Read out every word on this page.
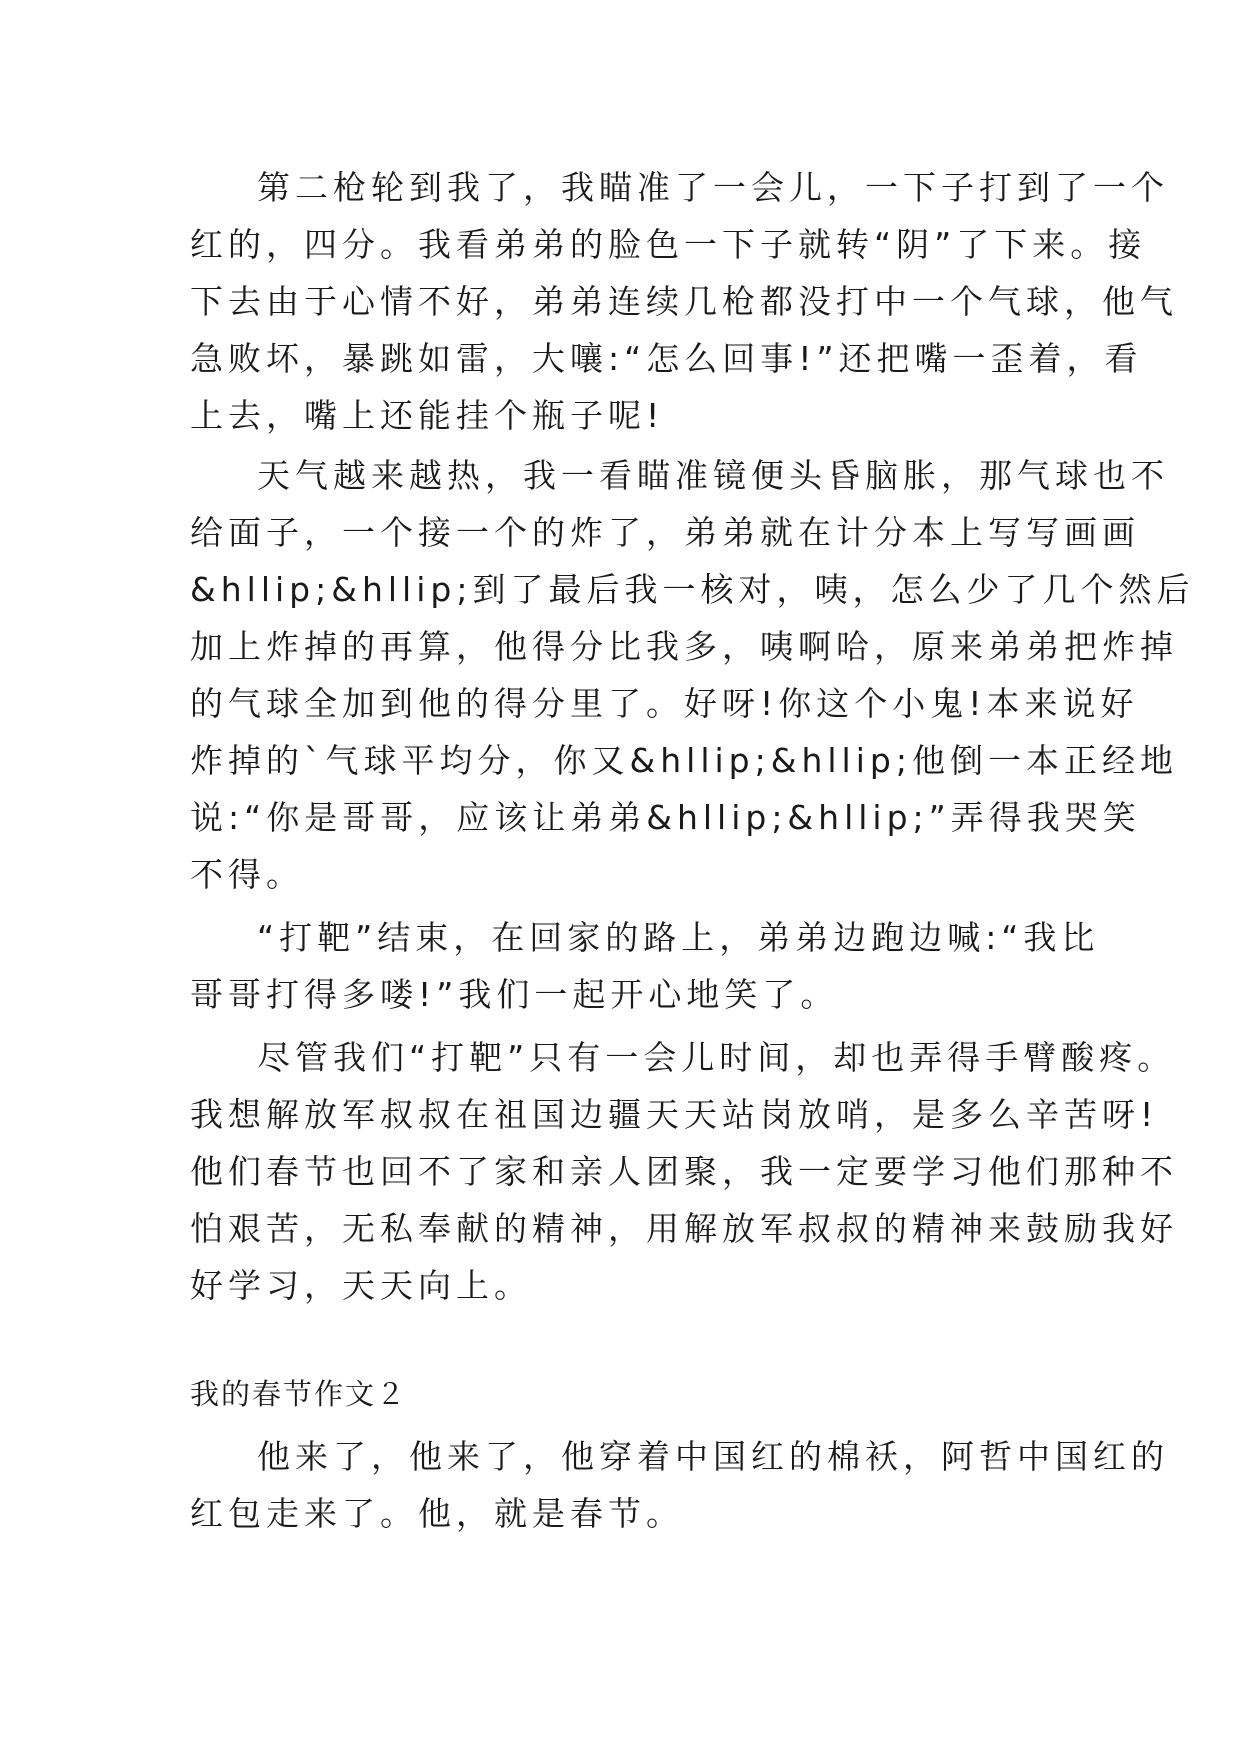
第二枪轮到我了，我瞄准了一会儿，一下子打到了一个
红的，四分。我看弟弟的脸色一下子就转“阴”了下来。接
下去由于心情不好，弟弟连续几枪都没打中一个气球，他气
急败坏，暴跳如雷，大嚷:“怎么回事!”还把嘴一歪着，看
上去，嘴上还能挂个瓶子呢!
天气越来越热，我一看瞄准镜便头昏脑胀，那气球也不
给面子，一个接一个的炸了，弟弟就在计分本上写写画画
&hllip;&hllip;到了最后我一核对，咦，怎么少了几个然后
加上炸掉的再算，他得分比我多，咦啊哈，原来弟弟把炸掉
的气球全加到他的得分里了。好呀!你这个小鬼!本来说好
炸掉的`气球平均分，你又&hllip;&hllip;他倒一本正经地
说:“你是哥哥，应该让弟弟&hllip;&hllip;”弄得我哭笑
不得。
“打靶”结束，在回家的路上，弟弟边跑边喊:“我比
哥哥打得多喽!”我们一起开心地笑了。
尽管我们“打靶”只有一会儿时间，却也弄得手臂酸疼。
我想解放军叔叔在祖国边疆天天站岗放哨，是多么辛苦呀!
他们春节也回不了家和亲人团聚，我一定要学习他们那种不
怕艰苦，无私奉献的精神，用解放军叔叔的精神来鼓励我好
好学习，天天向上。
我的春节作文２
他来了，他来了，他穿着中国红的棉袄，阿哲中国红的
红包走来了。他，就是春节。
